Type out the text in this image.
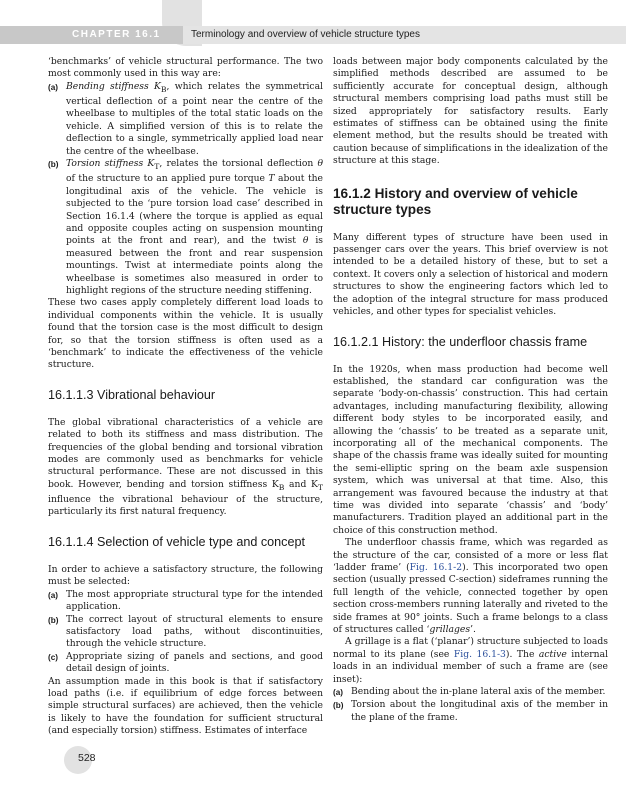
CHAPTER 16.1	Terminology and overview of vehicle structure types

‘benchmarks’ of vehicle structural performance. The two most commonly used in this way are:

(a) Bending stiffness $K_B$, which relates the symmetrical vertical deflection of a point near the centre of the wheelbase to multiples of the total static loads on the vehicle. A simplified version of this is to relate the deflection to a single, symmetrically applied load near the centre of the wheelbase.
(b) Torsion stiffness $K_T$, relates the torsional deflection θ of the structure to an applied pure torque T about the longitudinal axis of the vehicle. The vehicle is subjected to the ‘pure torsion load case’ described in Section 16.1.4 (where the torque is applied as equal and opposite couples acting on suspension mounting points at the front and rear), and the twist θ is measured between the front and rear suspension mountings. Twist at intermediate points along the wheelbase is sometimes also measured in order to highlight regions of the structure needing stiffening.

These two cases apply completely different load loads to individual components within the vehicle. It is usually found that the torsion case is the most difficult to design for, so that the torsion stiffness is often used as a ‘benchmark’ to indicate the effectiveness of the vehicle structure.

16.1.1.3 Vibrational behaviour

The global vibrational characteristics of a vehicle are related to both its stiffness and mass distribution. The frequencies of the global bending and torsional vibration modes are commonly used as benchmarks for vehicle structural performance. These are not discussed in this book. However, bending and torsion stiffness $K_B$ and $K_T$ influence the vibrational behaviour of the structure, particularly its first natural frequency.

16.1.1.4 Selection of vehicle type and concept

In order to achieve a satisfactory structure, the following must be selected:

(a) The most appropriate structural type for the intended application.
(b) The correct layout of structural elements to ensure satisfactory load paths, without discontinuities, through the vehicle structure.
(c) Appropriate sizing of panels and sections, and good detail design of joints.

An assumption made in this book is that if satisfactory load paths (i.e. if equilibrium of edge forces between simple structural surfaces) are achieved, then the vehicle is likely to have the foundation for sufficient structural (and especially torsion) stiffness. Estimates of interface

loads between major body components calculated by the simplified methods described are assumed to be sufficiently accurate for conceptual design, although structural members comprising load paths must still be sized appropriately for satisfactory results. Early estimates of stiffness can be obtained using the finite element method, but the results should be treated with caution because of simplifications in the idealization of the structure at this stage.

16.1.2 History and overview of vehicle structure types

Many different types of structure have been used in passenger cars over the years. This brief overview is not intended to be a detailed history of these, but to set a context. It covers only a selection of historical and modern structures to show the engineering factors which led to the adoption of the integral structure for mass produced vehicles, and other types for specialist vehicles.

16.1.2.1 History: the underfloor chassis frame

In the 1920s, when mass production had become well established, the standard car configuration was the separate ‘body-on-chassis’ construction. This had certain advantages, including manufacturing flexibility, allowing different body styles to be incorporated easily, and allowing the ‘chassis’ to be treated as a separate unit, incorporating all of the mechanical components. The shape of the chassis frame was ideally suited for mounting the semi-elliptic spring on the beam axle suspension system, which was universal at that time. Also, this arrangement was favoured because the industry at that time was divided into separate ‘chassis’ and ‘body’ manufacturers. Tradition played an additional part in the choice of this construction method.

The underfloor chassis frame, which was regarded as the structure of the car, consisted of a more or less flat ‘ladder frame’ (Fig. 16.1-2). This incorporated two open section (usually pressed C-section) sideframes running the full length of the vehicle, connected together by open section cross-members running laterally and riveted to the side frames at 90° joints. Such a frame belongs to a class of structures called ‘grillages’.

A grillage is a flat (‘planar’) structure subjected to loads normal to its plane (see Fig. 16.1-3). The active internal loads in an individual member of such a frame are (see inset):

(a) Bending about the in-plane lateral axis of the member.
(b) Torsion about the longitudinal axis of the member in the plane of the frame.
528
